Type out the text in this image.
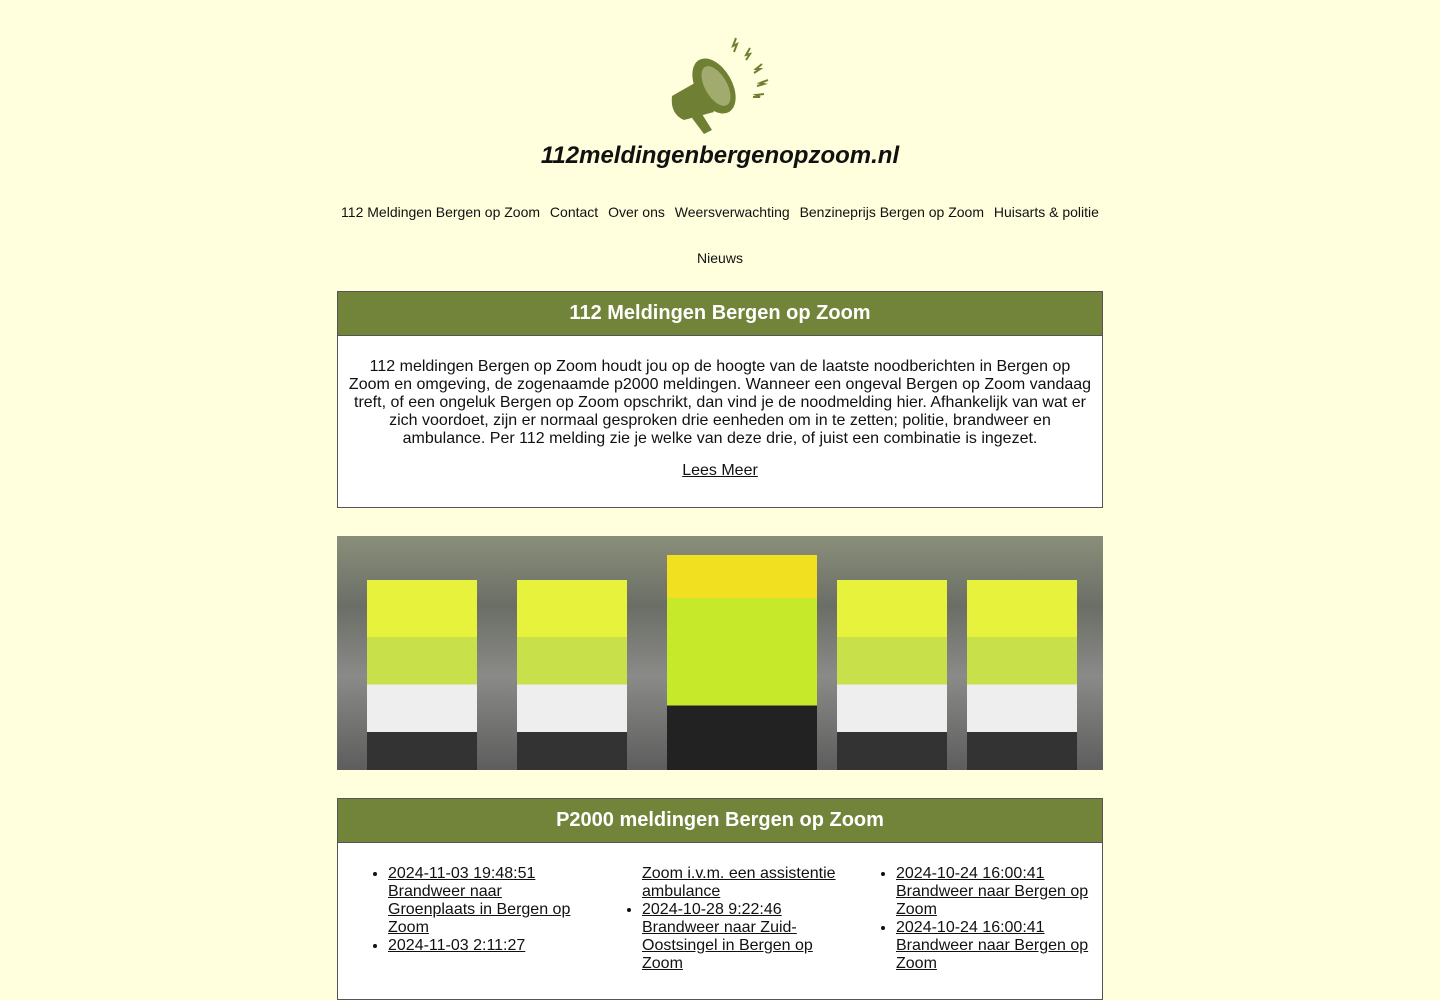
112meldingenbergenopzoom.nl
112 Meldingen Bergen op Zoom Contact Over ons Weersverwachting Benzineprijs Bergen op Zoom Huisarts & politie
Nieuws
112 Meldingen Bergen op Zoom

112 meldingen Bergen op Zoom houdt jou op de hoogte van de laatste noodberichten in Bergen op Zoom en omgeving, de zogenaamde p2000 meldingen. Wanneer een ongeval Bergen op Zoom vandaag treft, of een ongeluk Bergen op Zoom opschrikt, dan vind je de noodmelding hier. Afhankelijk van wat er zich voordoet, zijn er normaal gesproken drie eenheden om in te zetten; politie, brandweer en ambulance. Per 112 melding zie je welke van deze drie, of juist een combinatie is ingezet.

Lees Meer
P2000 meldingen Bergen op Zoom
• 2024-11-03 19:48:51
Brandweer naar Groenplaats in Bergen op Zoom
• 2024-11-03 2:11:27
Zoom i.v.m. een assistentie ambulance
• 2024-10-28 9:22:46
Brandweer naar Zuid-Oostsingel in Bergen op Zoom
• 2024-10-24 16:00:41
Brandweer naar Bergen op Zoom
• 2024-10-24 16:00:41
Brandweer naar Bergen op Zoom
